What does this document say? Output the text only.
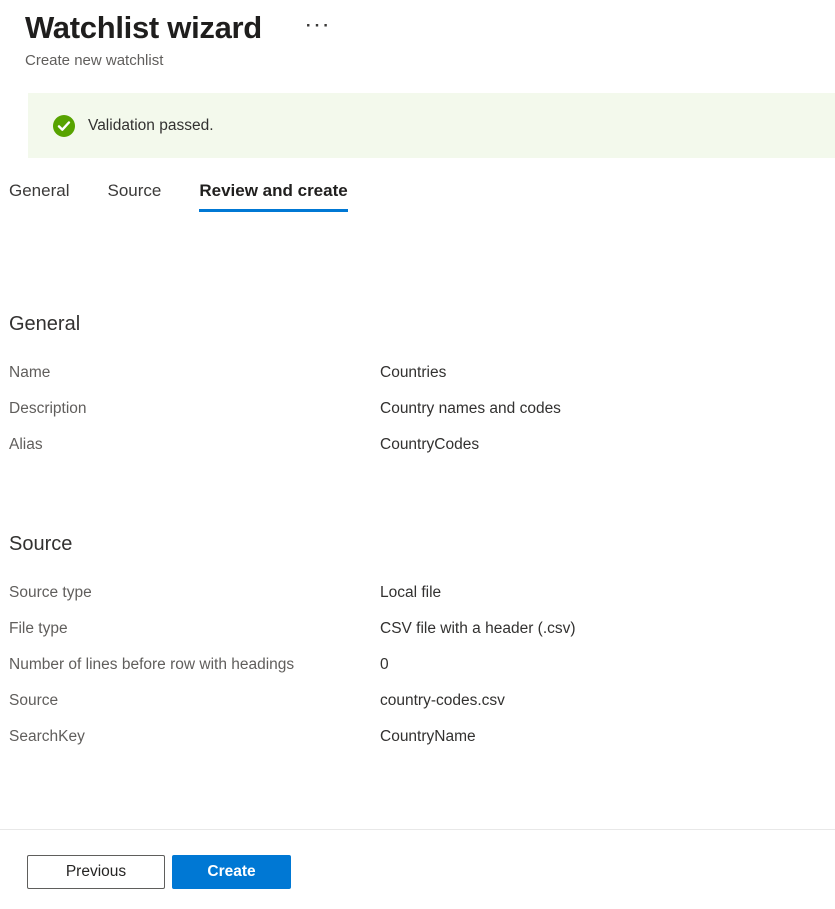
Watchlist wizard	···
Create new watchlist
Validation passed.
General Source Review and create
General
Name	Countries
Description	Country names and codes
Alias	CountryCodes
Source
Source type	Local file
File type	CSV file with a header (.csv)
Number of lines before row with headings	0
Source	country-codes.csv
SearchKey	CountryName
Previous	Create
